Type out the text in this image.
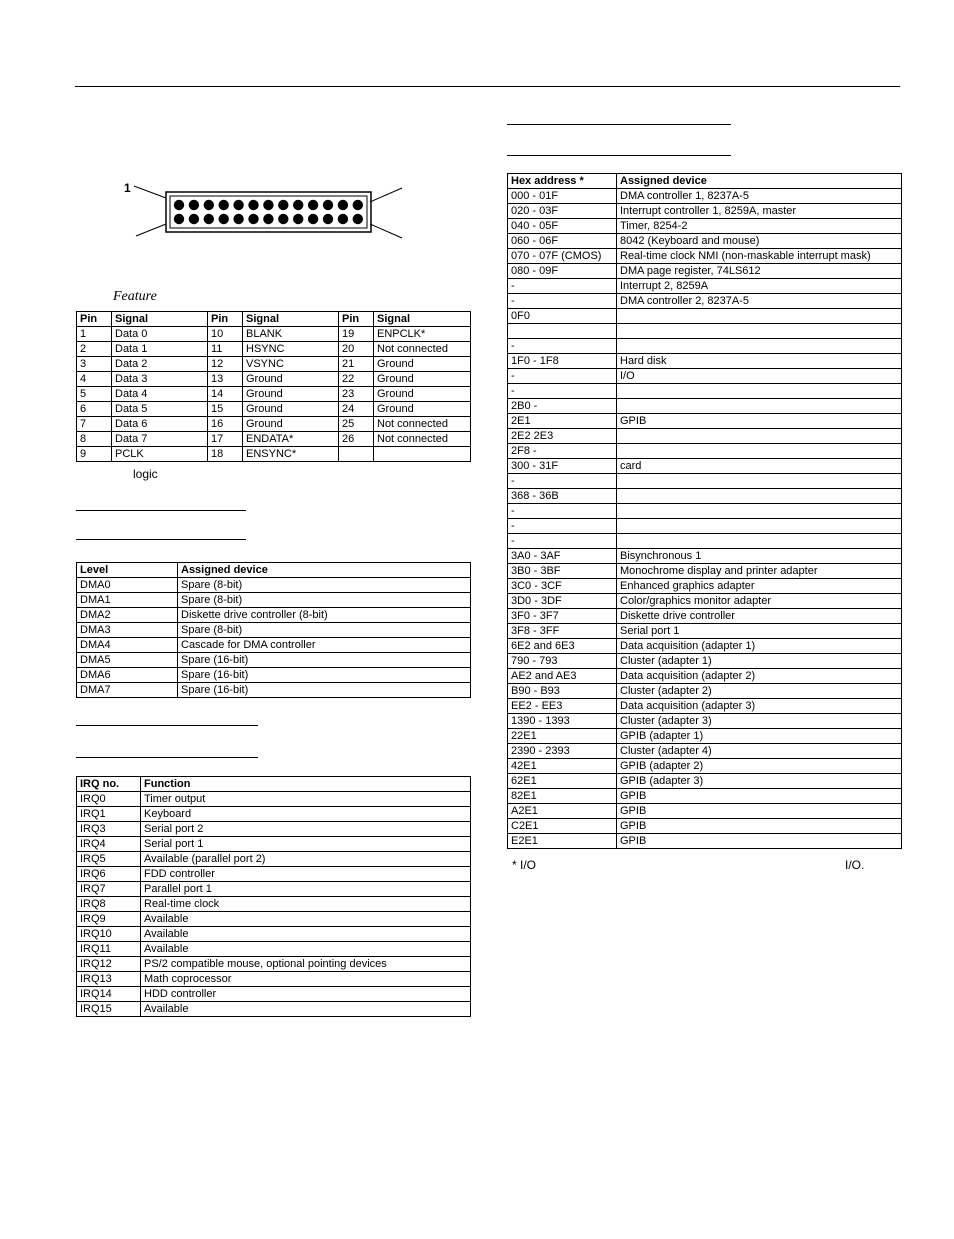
1
Feature
Pin	Signal	Pin	Signal	Pin	Signal
1	Data 0	10	BLANK	19	ENPCLK*
2	Data 1	11	HSYNC	20	Not connected
3	Data 2	12	VSYNC	21	Ground
4	Data 3	13	Ground	22	Ground
5	Data 4	14	Ground	23	Ground
6	Data 5	15	Ground	24	Ground
7	Data 6	16	Ground	25	Not connected
8	Data 7	17	ENDATA*	26	Not connected
9	PCLK	18	ENSYNC*		
logic
Level	Assigned device
DMA0	Spare (8-bit)
DMA1	Spare (8-bit)
DMA2	Diskette drive controller (8-bit)
DMA3	Spare (8-bit)
DMA4	Cascade for DMA controller
DMA5	Spare (16-bit)
DMA6	Spare (16-bit)
DMA7	Spare (16-bit)
IRQ no.	Function
IRQ0	Timer output
IRQ1	Keyboard
IRQ3	Serial port 2
IRQ4	Serial port 1
IRQ5	Available (parallel port 2)
IRQ6	FDD controller
IRQ7	Parallel port 1
IRQ8	Real-time clock
IRQ9	Available
IRQ10	Available
IRQ11	Available
IRQ12	PS/2 compatible mouse, optional pointing devices
IRQ13	Math coprocessor
IRQ14	HDD controller
IRQ15	Available
Hex address *	Assigned device
000 - 01F	DMA controller 1, 8237A-5
020 - 03F	Interrupt controller 1, 8259A, master
040 - 05F	Timer, 8254-2
060 - 06F	8042 (Keyboard and mouse)
070 - 07F (CMOS)	Real-time clock NMI (non-maskable interrupt mask)
080 - 09F	DMA page register, 74LS612
-	Interrupt 2, 8259A
-	DMA controller 2, 8237A-5
0F0	

-	
1F0 - 1F8	Hard disk
-	I/O
-	
2B0 -	
2E1	GPIB
2E2 2E3	
2F8 -	
300 - 31F	card
-	
368 - 36B	
-	
-	
-	
3A0 - 3AF	Bisynchronous 1
3B0 - 3BF	Monochrome display and printer adapter
3C0 - 3CF	Enhanced graphics adapter
3D0 - 3DF	Color/graphics monitor adapter
3F0 - 3F7	Diskette drive controller
3F8 - 3FF	Serial port 1
6E2 and 6E3	Data acquisition (adapter 1)
790 - 793	Cluster (adapter 1)
AE2 and AE3	Data acquisition (adapter 2)
B90 - B93	Cluster (adapter 2)
EE2 - EE3	Data acquisition (adapter 3)
1390 - 1393	Cluster (adapter 3)
22E1	GPIB (adapter 1)
2390 - 2393	Cluster (adapter 4)
42E1	GPIB (adapter 2)
62E1	GPIB (adapter 3)
82E1	GPIB
A2E1	GPIB
C2E1	GPIB
E2E1	GPIB
* I/O	I/O.
